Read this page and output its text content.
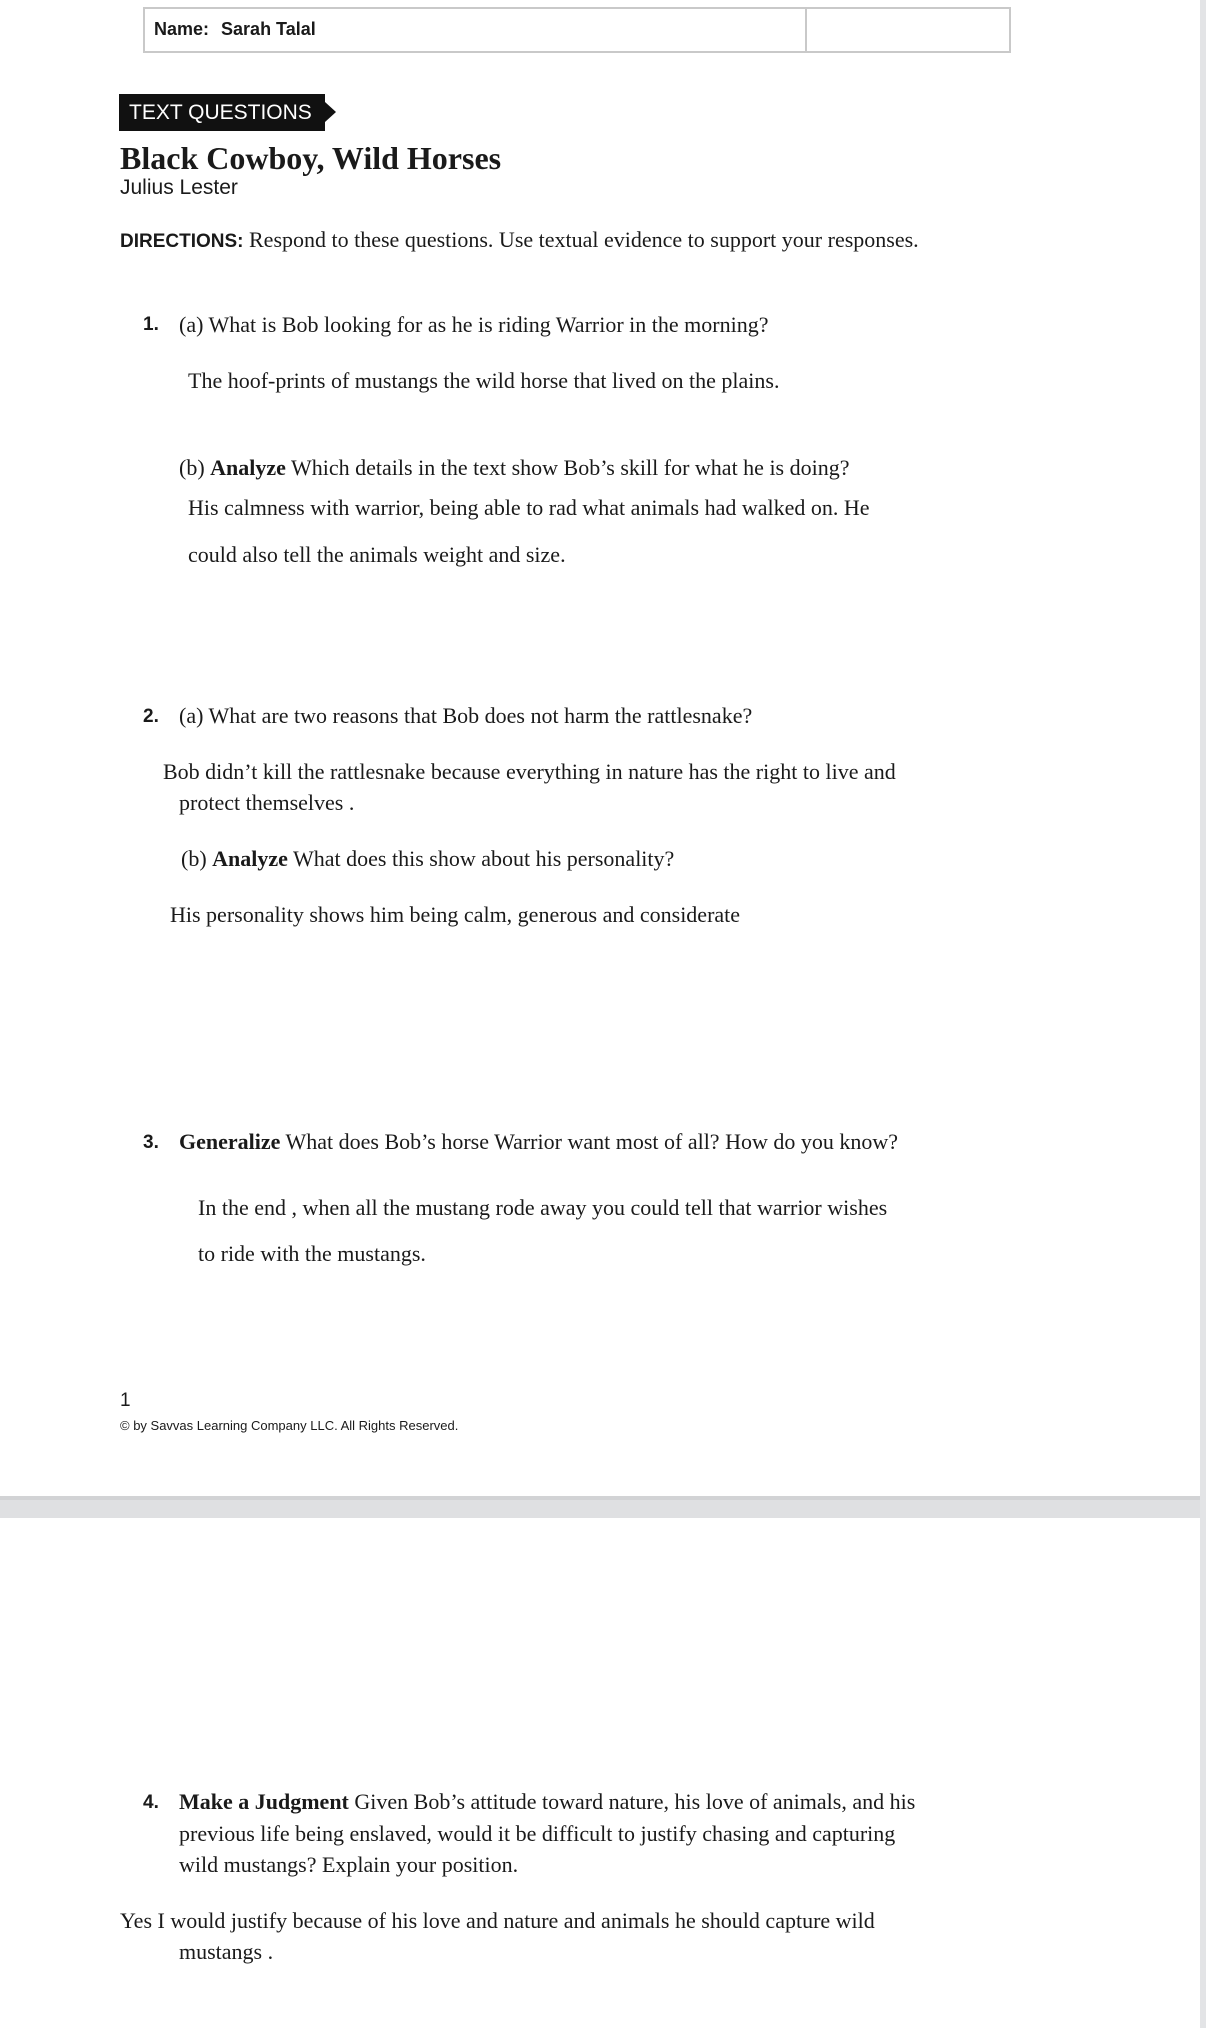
Name: Sarah Talal
TEXT QUESTIONS
Black Cowboy, Wild Horses
Julius Lester
DIRECTIONS: Respond to these questions. Use textual evidence to support your responses.
1. (a) What is Bob looking for as he is riding Warrior in the morning?

The hoof-prints of mustangs the wild horse that lived on the plains.

(b) Analyze Which details in the text show Bob’s skill for what he is doing?

His calmness with warrior, being able to rad what animals had walked on. He

could also tell the animals weight and size.

2. (a) What are two reasons that Bob does not harm the rattlesnake?

Bob didn’t kill the rattlesnake because everything in nature has the right to live and

protect themselves .

(b) Analyze What does this show about his personality?

His personality shows him being calm, generous and considerate

3. Generalize What does Bob’s horse Warrior want most of all? How do you know?

In the end , when all the mustang rode away you could tell that warrior wishes

to ride with the mustangs.

1
© by Savvas Learning Company LLC. All Rights Reserved.
4. Make a Judgment Given Bob’s attitude toward nature, his love of animals, and his

previous life being enslaved, would it be difficult to justify chasing and capturing

wild mustangs? Explain your position.

Yes I would justify because of his love and nature and animals he should capture wild

mustangs .
